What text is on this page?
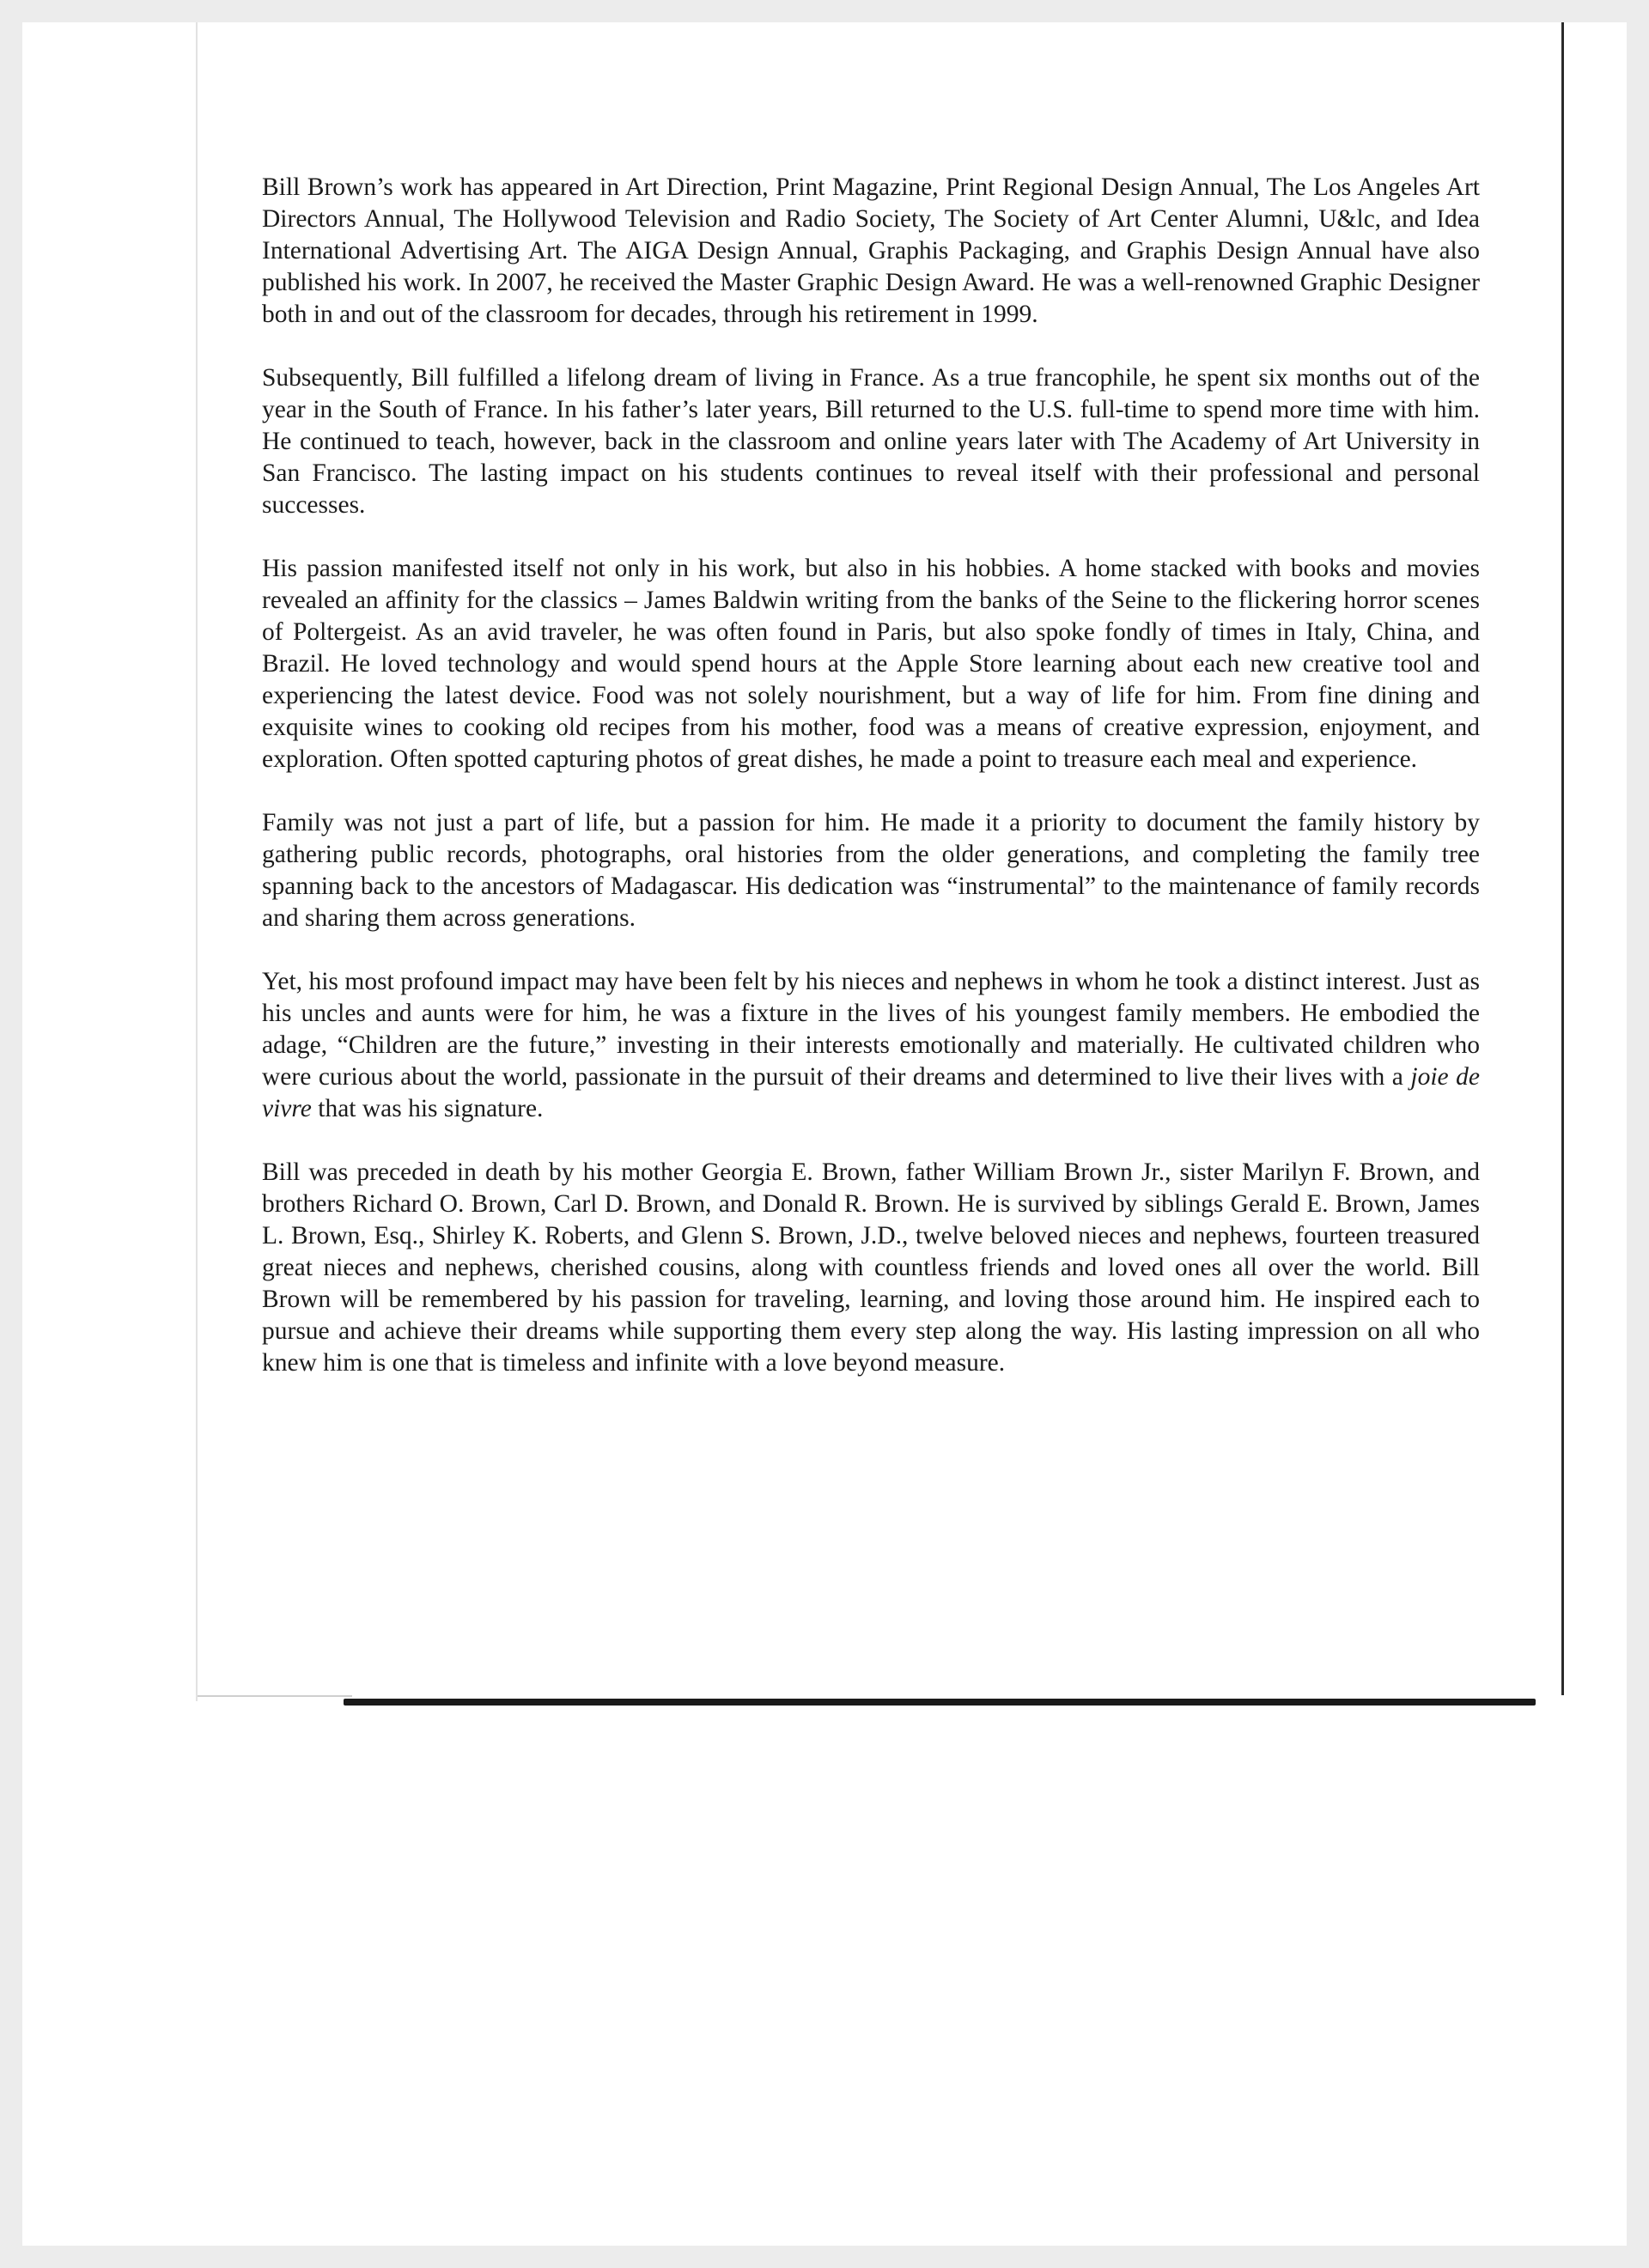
Bill Brown’s work has appeared in Art Direction, Print Magazine, Print Regional Design Annual, The Los Angeles Art Directors Annual, The Hollywood Television and Radio Society, The Society of Art Center Alumni, U&lc, and Idea International Advertising Art. The AIGA Design Annual, Graphis Packaging, and Graphis Design Annual have also published his work. In 2007, he received the Master Graphic Design Award. He was a well-renowned Graphic Designer both in and out of the classroom for decades, through his retirement in 1999.

Subsequently, Bill fulfilled a lifelong dream of living in France. As a true francophile, he spent six months out of the year in the South of France. In his father’s later years, Bill returned to the U.S. full-time to spend more time with him. He continued to teach, however, back in the classroom and online years later with The Academy of Art University in San Francisco. The lasting impact on his students continues to reveal itself with their professional and personal successes.

His passion manifested itself not only in his work, but also in his hobbies. A home stacked with books and movies revealed an affinity for the classics – James Baldwin writing from the banks of the Seine to the flickering horror scenes of Poltergeist. As an avid traveler, he was often found in Paris, but also spoke fondly of times in Italy, China, and Brazil. He loved technology and would spend hours at the Apple Store learning about each new creative tool and experiencing the latest device. Food was not solely nourishment, but a way of life for him. From fine dining and exquisite wines to cooking old recipes from his mother, food was a means of creative expression, enjoyment, and exploration. Often spotted capturing photos of great dishes, he made a point to treasure each meal and experience.

Family was not just a part of life, but a passion for him. He made it a priority to document the family history by gathering public records, photographs, oral histories from the older generations, and completing the family tree spanning back to the ancestors of Madagascar. His dedication was “instrumental” to the maintenance of family records and sharing them across generations.

Yet, his most profound impact may have been felt by his nieces and nephews in whom he took a distinct interest. Just as his uncles and aunts were for him, he was a fixture in the lives of his youngest family members. He embodied the adage, “Children are the future,” investing in their interests emotionally and materially. He cultivated children who were curious about the world, passionate in the pursuit of their dreams and determined to live their lives with a joie de vivre that was his signature.

Bill was preceded in death by his mother Georgia E. Brown, father William Brown Jr., sister Marilyn F. Brown, and brothers Richard O. Brown, Carl D. Brown, and Donald R. Brown. He is survived by siblings Gerald E. Brown, James L. Brown, Esq., Shirley K. Roberts, and Glenn S. Brown, J.D., twelve beloved nieces and nephews, fourteen treasured great nieces and nephews, cherished cousins, along with countless friends and loved ones all over the world. Bill Brown will be remembered by his passion for traveling, learning, and loving those around him. He inspired each to pursue and achieve their dreams while supporting them every step along the way. His lasting impression on all who knew him is one that is timeless and infinite with a love beyond measure.
